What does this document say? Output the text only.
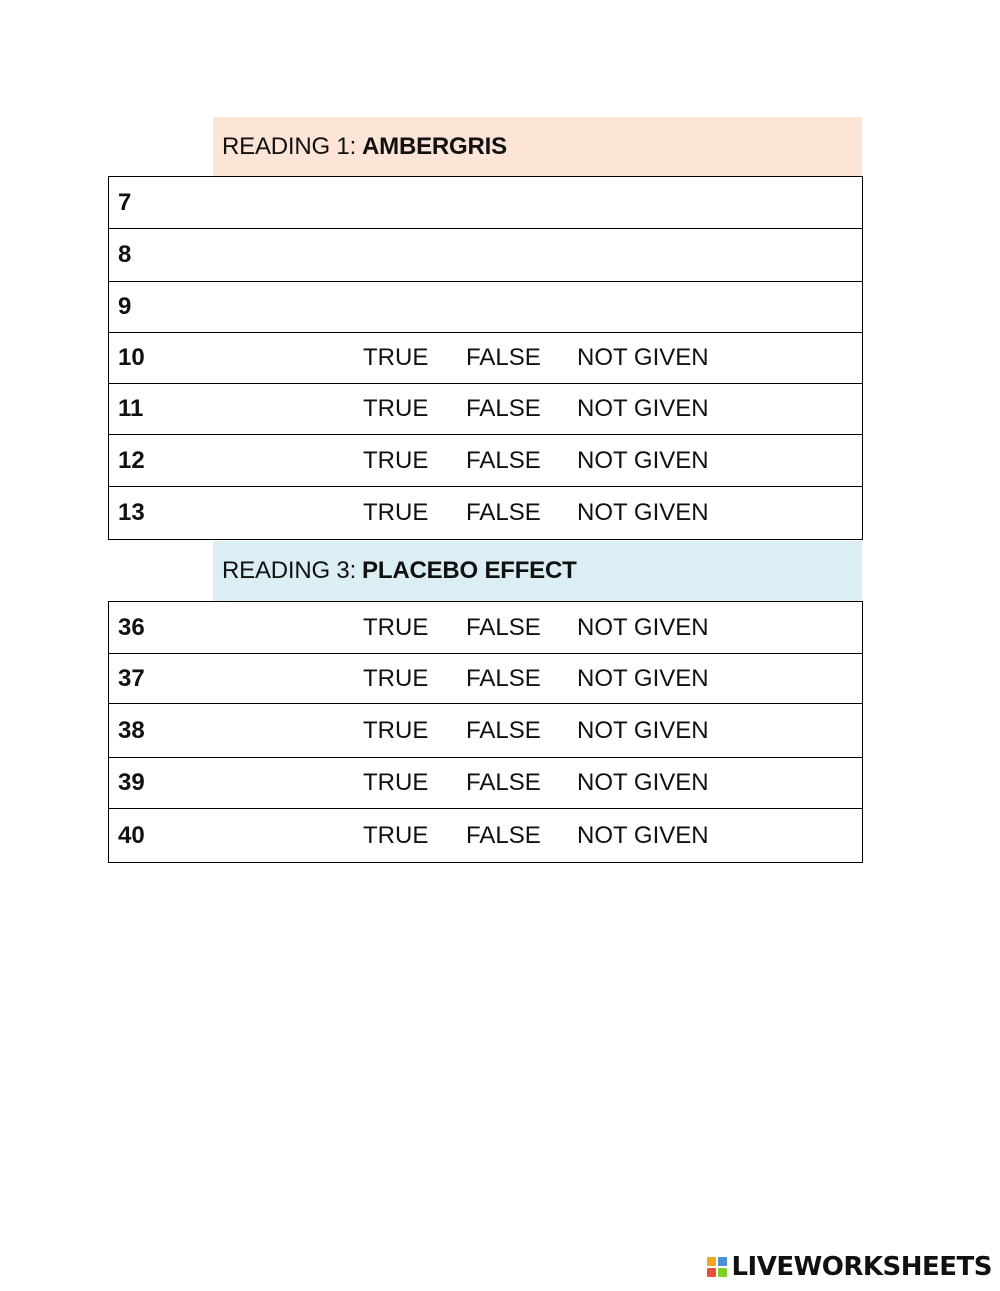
READING 1: AMBERGRIS
7

8

9

10	TRUE FALSE NOT GIVEN

11	TRUE FALSE NOT GIVEN

12	TRUE FALSE NOT GIVEN

13	TRUE FALSE NOT GIVEN
READING 3: PLACEBO EFFECT
36	TRUE FALSE NOT GIVEN

37	TRUE FALSE NOT GIVEN

38	TRUE FALSE NOT GIVEN

39	TRUE FALSE NOT GIVEN

40	TRUE FALSE NOT GIVEN
LIVEWORKSHEETS
